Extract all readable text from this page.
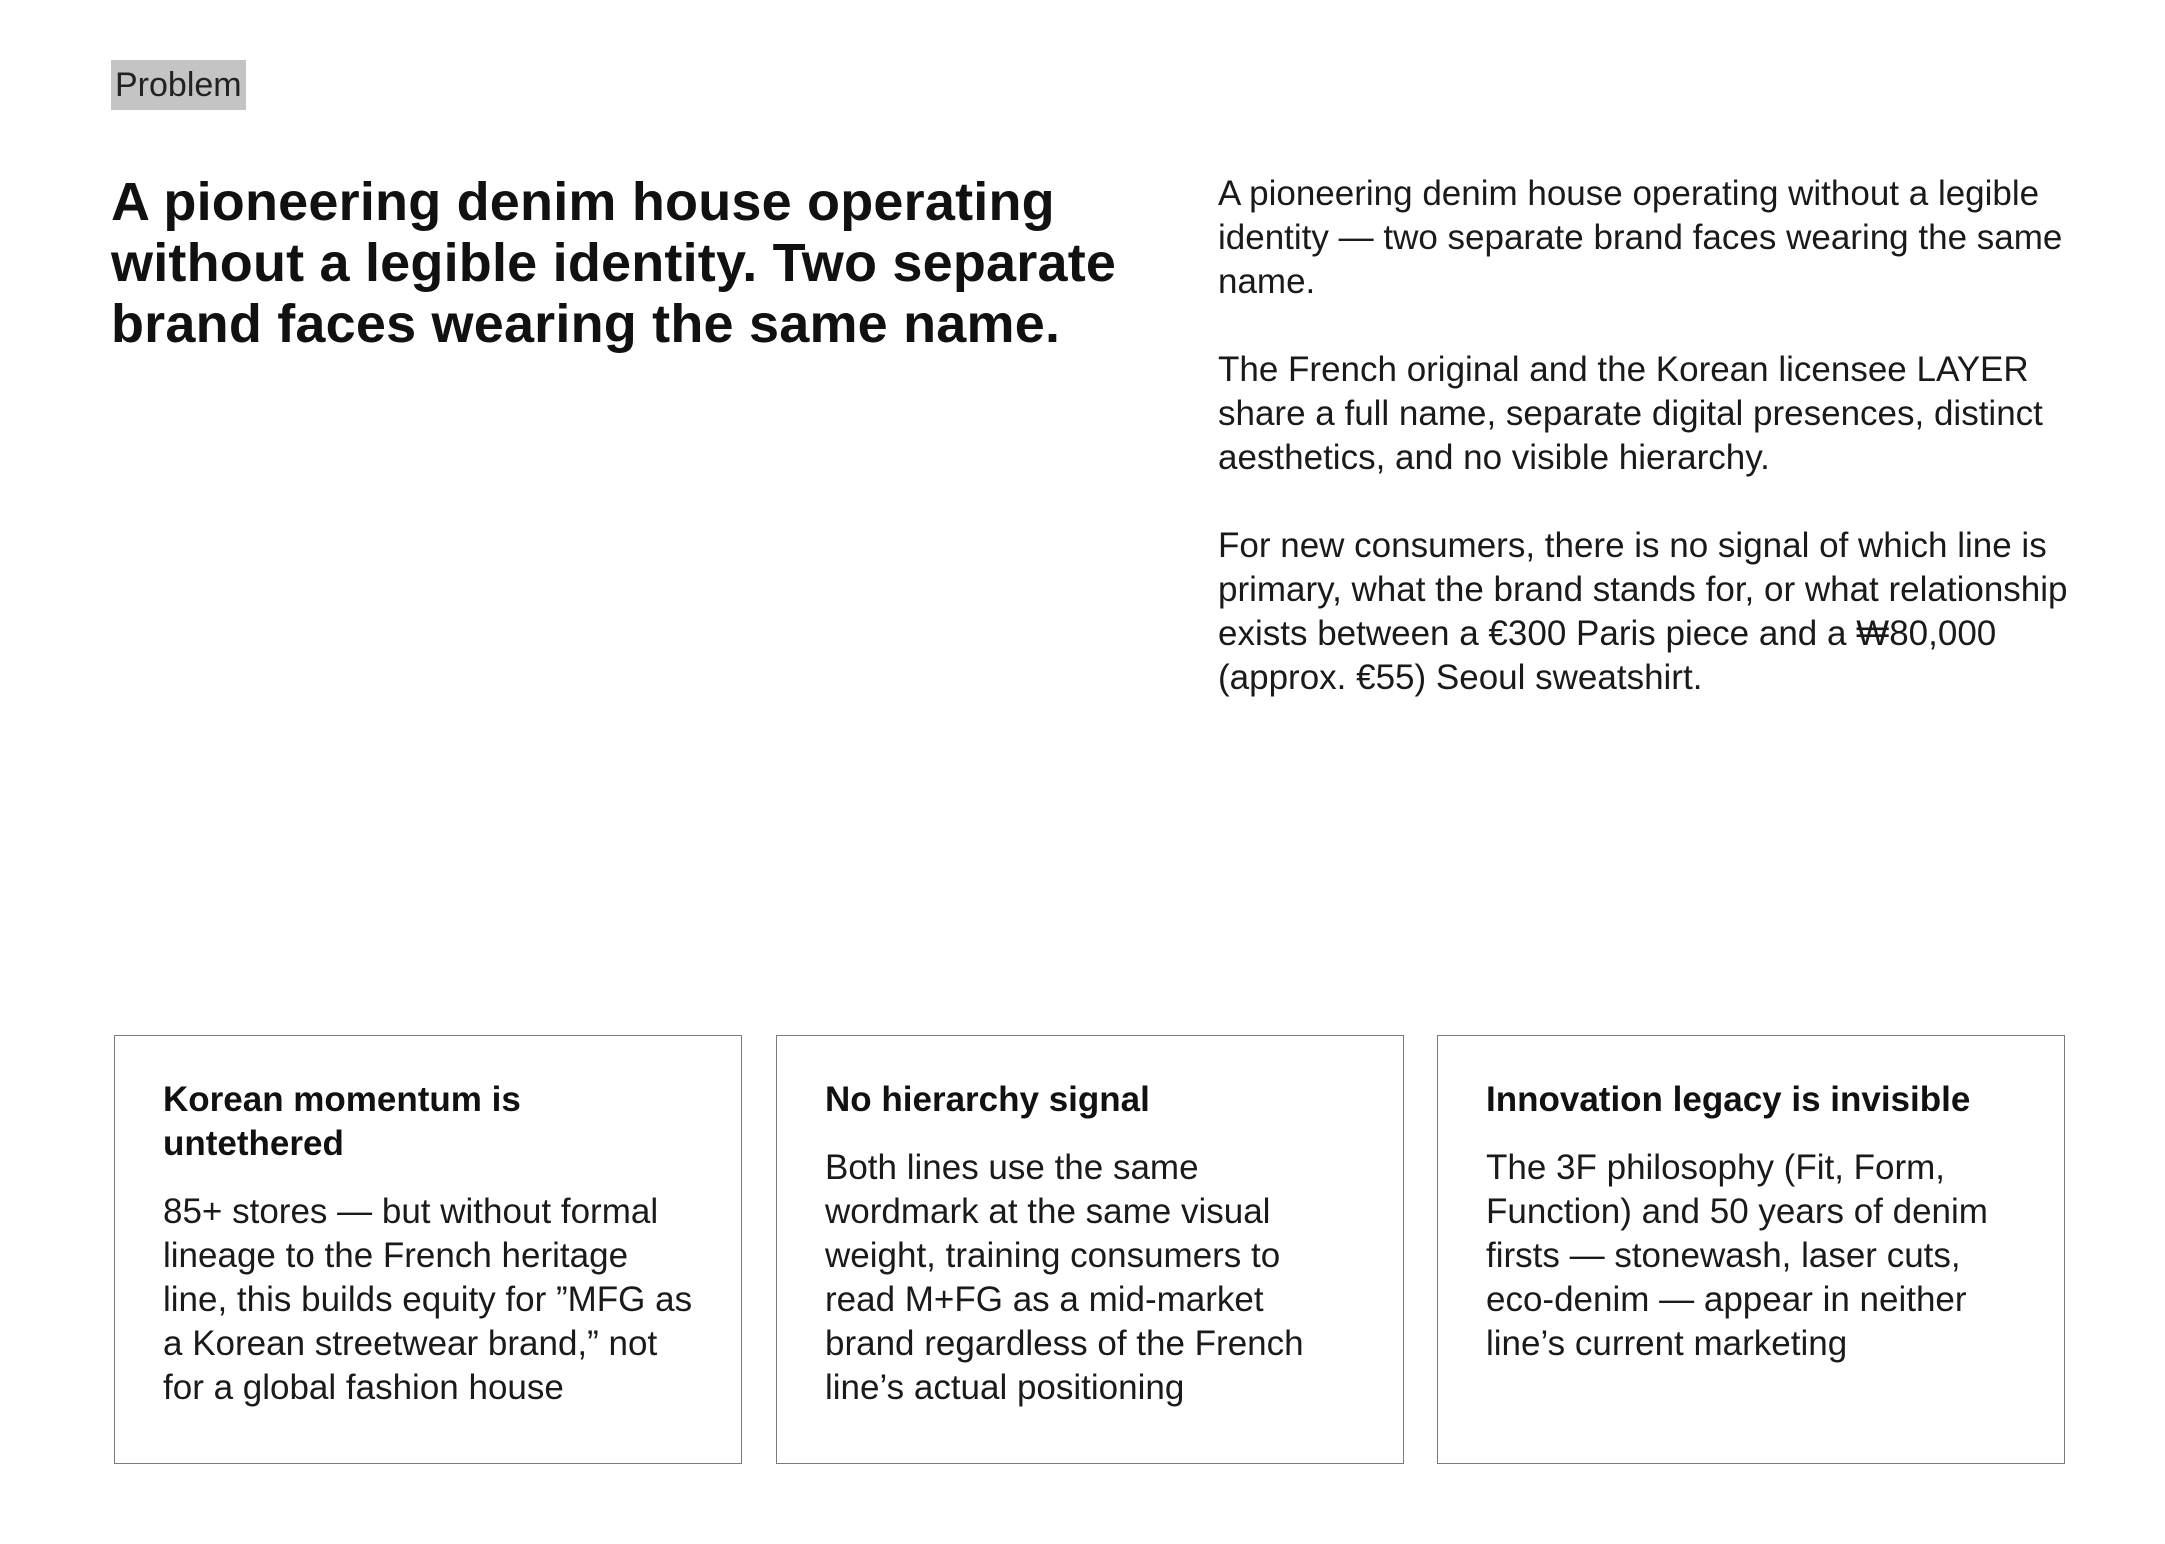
Problem
A pioneering denim house operating without a legible identity. Two separate brand faces wearing the same name.

A pioneering denim house operating without a legible identity — two separate brand faces wearing the same name.

The French original and the Korean licensee LAYER share a full name, separate digital presences, distinct aesthetics, and no visible hierarchy.

For new consumers, there is no signal of which line is primary, what the brand stands for, or what relationship exists between a €300 Paris piece and a ₩80,000 (approx. €55) Seoul sweatshirt.

Korean momentum is untethered

85+ stores — but without formal lineage to the French heritage line, this builds equity for ”MFG as a Korean streetwear brand,” not for a global fashion house

No hierarchy signal

Both lines use the same wordmark at the same visual weight, training consumers to read M+FG as a mid-market brand regardless of the French line’s actual positioning

Innovation legacy is invisible

The 3F philosophy (Fit, Form, Function) and 50 years of denim firsts — stonewash, laser cuts, eco-denim — appear in neither line’s current marketing
